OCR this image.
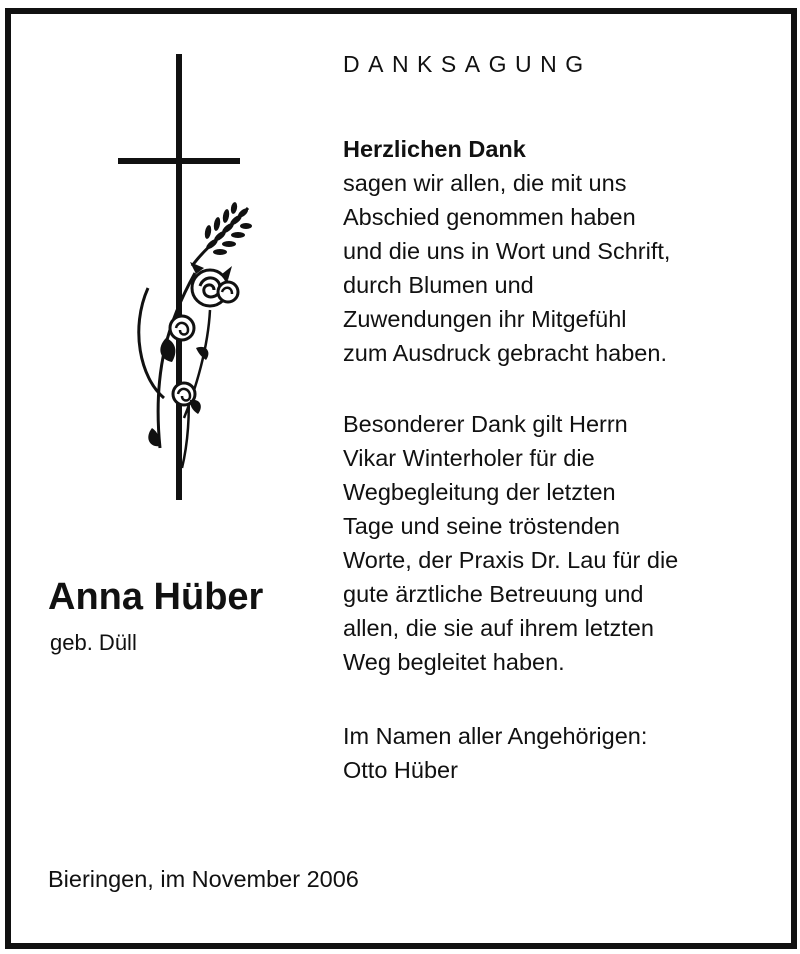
DANKSAGUNG
Herzlichen Dank
sagen wir allen, die mit uns
Abschied genommen haben
und die uns in Wort und Schrift,
durch Blumen und
Zuwendungen ihr Mitgefühl
zum Ausdruck gebracht haben.
Besonderer Dank gilt Herrn
Vikar Winterholer für die
Wegbegleitung der letzten
Tage und seine tröstenden
Worte, der Praxis Dr. Lau für die
gute ärztliche Betreuung und
allen, die sie auf ihrem letzten
Weg begleitet haben.
Im Namen aller Angehörigen:
Otto Hüber

Anna Hüber

geb. Düll

Bieringen, im November 2006
